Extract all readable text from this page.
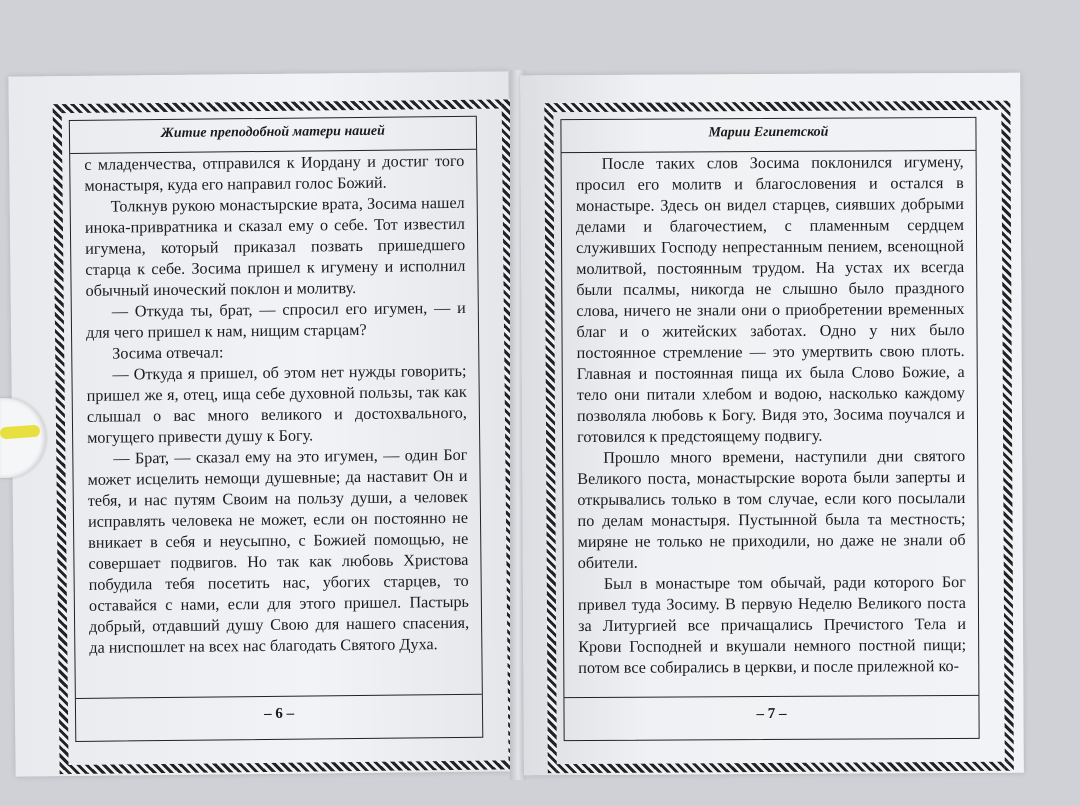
Житие преподобной матери нашей

с младенчества, отправился к Иордану и достиг того монастыря, куда его направил голос Божий.

Толкнув рукою монастырские врата, Зосима нашел инока-привратника и сказал ему о себе. Тот известил игумена, который приказал позвать пришедшего старца к себе. Зосима пришел к игумену и исполнил обычный иноческий поклон и молитву.

— Откуда ты, брат, — спросил его игумен, — и для чего пришел к нам, нищим старцам?

Зосима отвечал:

— Откуда я пришел, об этом нет нужды говорить; пришел же я, отец, ища себе духовной пользы, так как слышал о вас много великого и достохвального, могущего привести душу к Богу.

— Брат, — сказал ему на это игумен, — один Бог может исцелить немощи душевные; да наставит Он и тебя, и нас путям Своим на пользу души, а человек исправлять человека не может, если он постоянно не вникает в себя и неусыпно, с Божией помощью, не совершает подвигов. Но так как любовь Христова побудила тебя посетить нас, убогих старцев, то оставайся с нами, если для этого пришел. Пастырь добрый, отдавший душу Свою для нашего спасения, да ниспошлет на всех нас благодать Святого Духа.

– 6 –
Марии Египетской

После таких слов Зосима поклонился игумену, просил его молитв и благословения и остался в монастыре. Здесь он видел старцев, сиявших добрыми делами и благочестием, с пламенным сердцем служивших Господу непрестанным пением, всенощной молитвой, постоянным трудом. На устах их всегда были псалмы, никогда не слышно было праздного слова, ничего не знали они о приобретении временных благ и о житейских заботах. Одно у них было постоянное стремление — это умертвить свою плоть. Главная и постоянная пища их была Слово Божие, а тело они питали хлебом и водою, насколько каждому позволяла любовь к Богу. Видя это, Зосима поучался и готовился к предстоящему подвигу.

Прошло много времени, наступили дни святого Великого поста, монастырские ворота были заперты и открывались только в том случае, если кого посылали по делам монастыря. Пустынной была та местность; миряне не только не приходили, но даже не знали об обители.

Был в монастыре том обычай, ради которого Бог привел туда Зосиму. В первую Неделю Великого поста за Литургией все причащались Пречистого Тела и Крови Господней и вкушали немного постной пищи; потом все собирались в церкви, и после прилежной ко-

– 7 –
